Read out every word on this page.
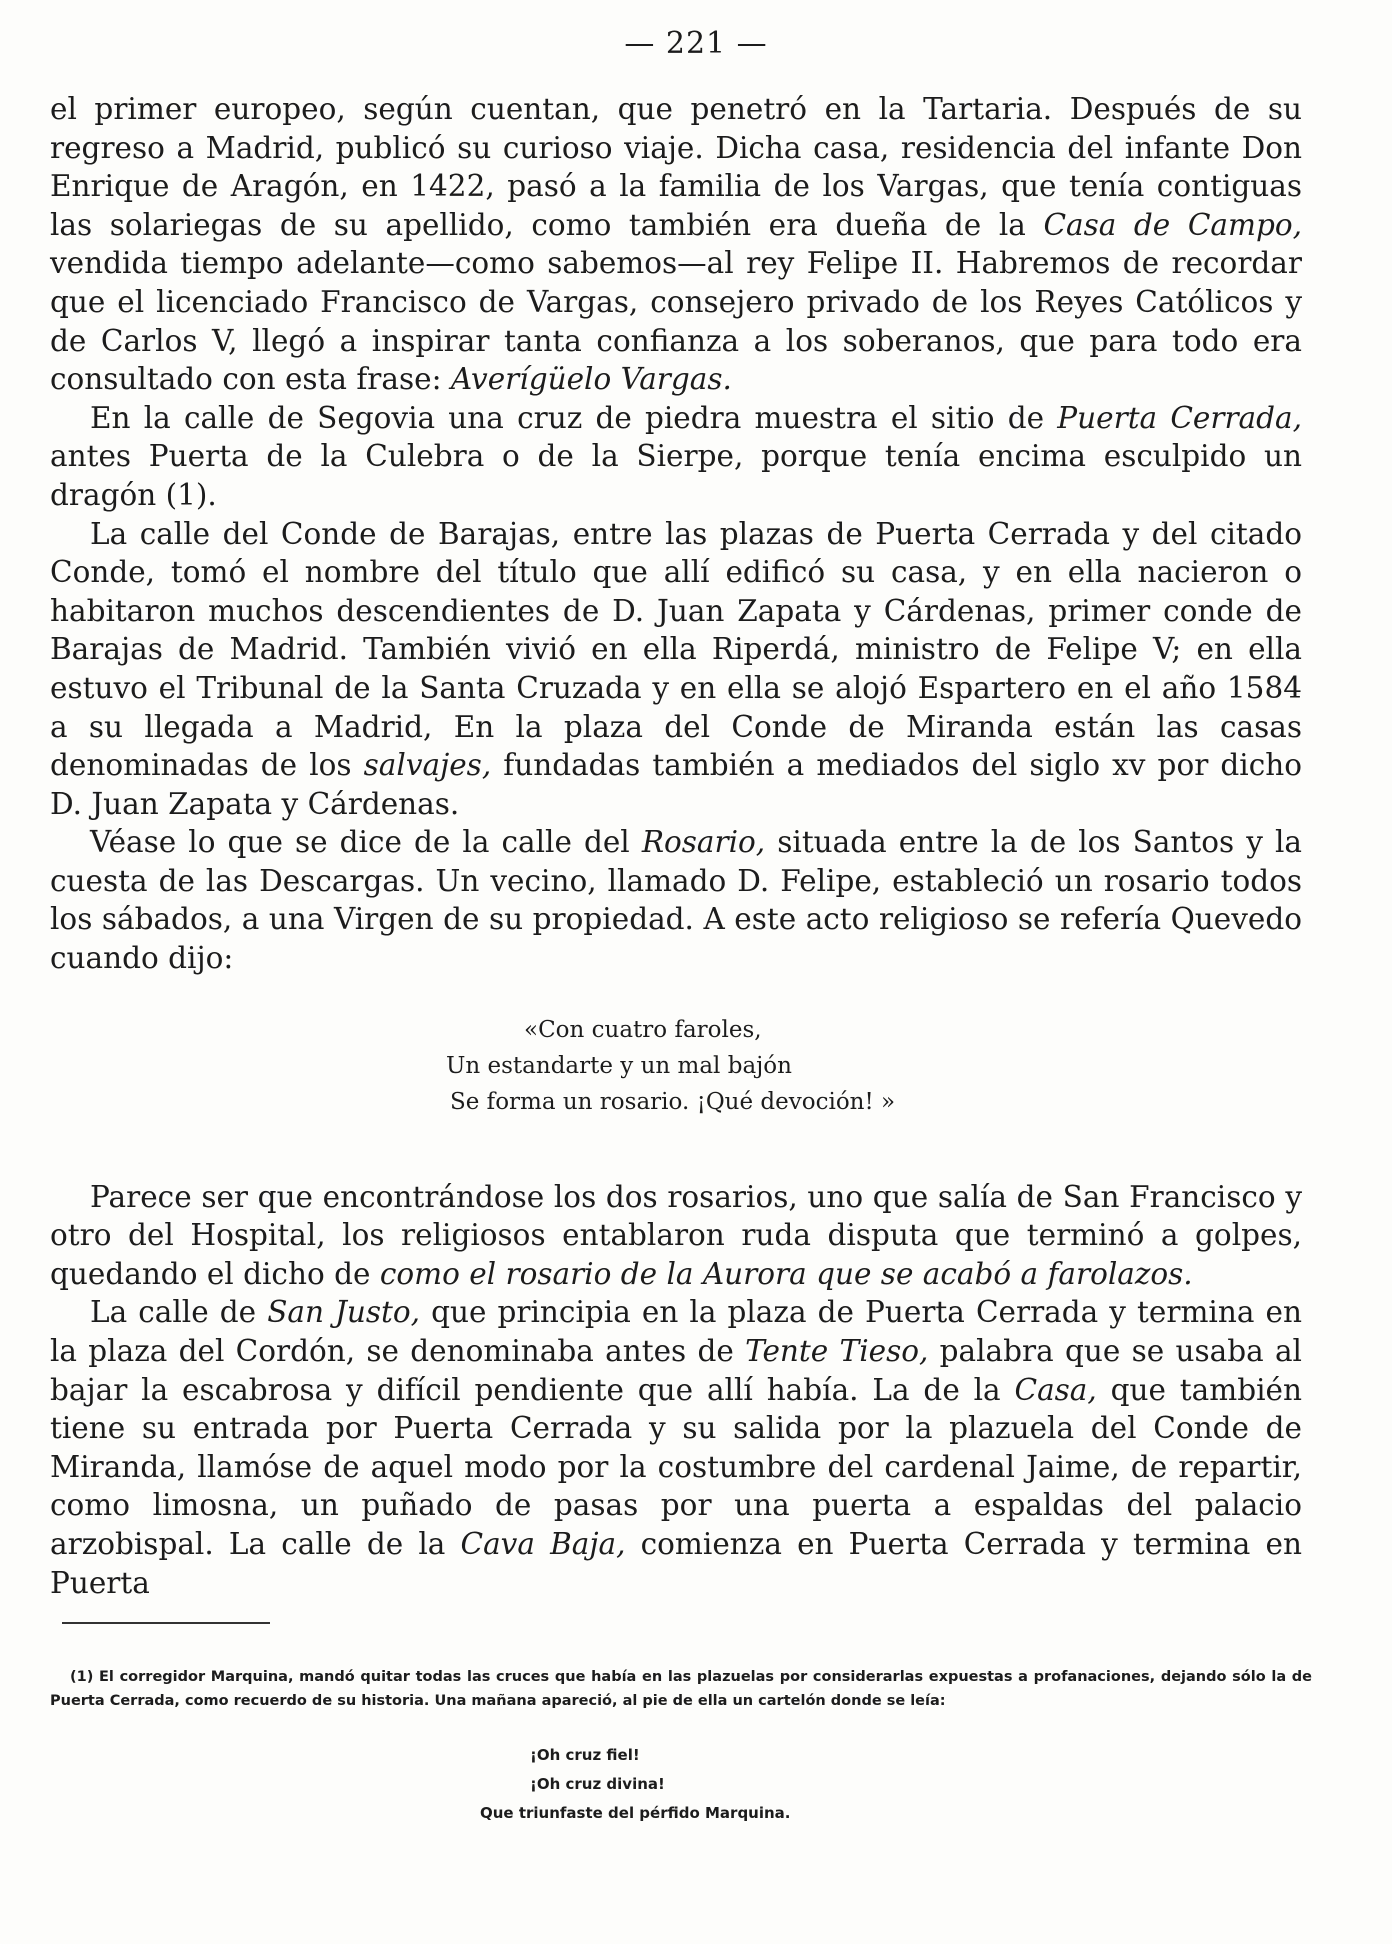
— 221 —

el primer europeo, según cuentan, que penetró en la Tartaria. Después de su regreso a Madrid, publicó su curioso viaje. Dicha casa, residencia del infante Don Enrique de Aragón, en 1422, pasó a la familia de los Vargas, que tenía contiguas las solariegas de su apellido, como también era dueña de la Casa de Campo, vendida tiempo adelante—como sabemos—al rey Felipe II. Habremos de recordar que el licenciado Francisco de Vargas, consejero privado de los Reyes Católicos y de Carlos V, llegó a inspirar tanta confianza a los soberanos, que para todo era consultado con esta frase: Averígüelo Vargas.

En la calle de Segovia una cruz de piedra muestra el sitio de Puerta Cerrada, antes Puerta de la Culebra o de la Sierpe, porque tenía encima esculpido un dragón (1).

La calle del Conde de Barajas, entre las plazas de Puerta Cerrada y del citado Conde, tomó el nombre del título que allí edificó su casa, y en ella nacieron o habitaron muchos descendientes de D. Juan Zapata y Cárdenas, primer conde de Barajas de Madrid. También vivió en ella Riperdá, ministro de Felipe V; en ella estuvo el Tribunal de la Santa Cruzada y en ella se alojó Espartero en el año 1584 a su llegada a Madrid, En la plaza del Conde de Miranda están las casas denominadas de los salvajes, fundadas también a mediados del siglo xv por dicho D. Juan Zapata y Cárdenas.

Véase lo que se dice de la calle del Rosario, situada entre la de los Santos y la cuesta de las Descargas. Un vecino, llamado D. Felipe, estableció un rosario todos los sábados, a una Virgen de su propiedad. A este acto religioso se refería Quevedo cuando dijo:

«Con cuatro faroles,
Un estandarte y un mal bajón
Se forma un rosario. ¡Qué devoción! »

Parece ser que encontrándose los dos rosarios, uno que salía de San Francisco y otro del Hospital, los religiosos entablaron ruda disputa que terminó a golpes, quedando el dicho de como el rosario de la Aurora que se acabó a farolazos.

La calle de San Justo, que principia en la plaza de Puerta Cerrada y termina en la plaza del Cordón, se denominaba antes de Tente Tieso, palabra que se usaba al bajar la escabrosa y difícil pendiente que allí había. La de la Casa, que también tiene su entrada por Puerta Cerrada y su salida por la plazuela del Conde de Miranda, llamóse de aquel modo por la costumbre del cardenal Jaime, de repartir, como limosna, un puñado de pasas por una puerta a espaldas del palacio arzobispal. La calle de la Cava Baja, comienza en Puerta Cerrada y termina en Puerta

(1) El corregidor Marquina, mandó quitar todas las cruces que había en las plazuelas por considerarlas expuestas a profanaciones, dejando sólo la de Puerta Cerrada, como recuerdo de su historia. Una mañana apareció, al pie de ella un cartelón donde se leía:

¡Oh cruz fiel!
¡Oh cruz divina!
Que triunfaste del pérfido Marquina.
